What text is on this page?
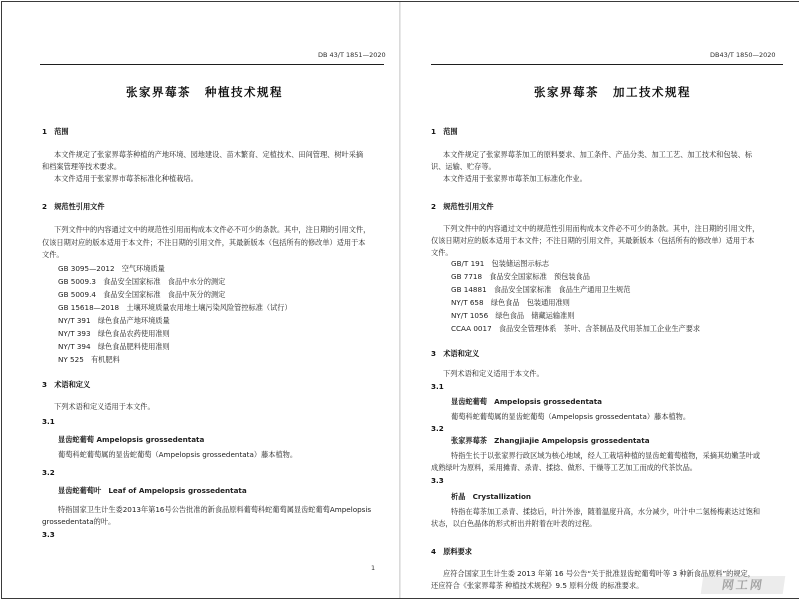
DB 43/T 1851—2020
张家界莓茶 种植技术规程
1　范围
本文件规定了张家界莓茶种植的产地环境、园地建设、苗木繁育、定植技术、田间管理、树叶采摘
和档案管理等技术要求。
本文件适用于张家界市莓茶标准化种植栽培。
2　规范性引用文件
下列文件中的内容通过文中的规范性引用而构成本文件必不可少的条款。其中，注日期的引用文件，
仅该日期对应的版本适用于本文件；不注日期的引用文件，其最新版本（包括所有的修改单）适用于本
文件。
GB 3095—2012　空气环境质量
GB 5009.3　食品安全国家标准　食品中水分的测定
GB 5009.4　食品安全国家标准　食品中灰分的测定
GB 15618—2018　土壤环境质量农用地土壤污染风险管控标准（试行）
NY/T 391　绿色食品产地环境质量
NY/T 393　绿色食品农药使用准则
NY/T 394　绿色食品肥料使用准则
NY 525　有机肥料
3　术语和定义
下列术语和定义适用于本文件。
3.1
显齿蛇葡萄 Ampelopsis grossedentata
葡萄科蛇葡萄属的显齿蛇葡萄（Ampelopsis grossedentata）藤本植物。
3.2
显齿蛇葡萄叶　Leaf of Ampelopsis grossedentata
特指国家卫生计生委2013年第16号公告批准的新食品原料葡萄科蛇葡萄属显齿蛇葡萄Ampelopsis
grossedentata的叶。
3.3
1
DB43/T 1850—2020
张家界莓茶 加工技术规程
1　范围
本文件规定了张家界莓茶加工的原料要求、加工条件、产品分类、加工工艺、加工技术和包装、标
识、运输、贮存等。
本文件适用于张家界市莓茶加工标准化作业。
2　规范性引用文件
下列文件中的内容通过文中的规范性引用而构成本文件必不可少的条款。其中，注日期的引用文件，
仅该日期对应的版本适用于本文件；不注日期的引用文件，其最新版本（包括所有的修改单）适用于本
文件。
GB/T 191　包装储运图示标志
GB 7718　食品安全国家标准　预包装食品
GB 14881　食品安全国家标准　食品生产通用卫生规范
NY/T 658　绿色食品　包装通用准则
NY/T 1056　绿色食品　储藏运输准则
CCAA 0017　食品安全管理体系　茶叶、含茶制品及代用茶加工企业生产要求
3　术语和定义
下列术语和定义适用于本文件。
3.1
显齿蛇葡萄　Ampelopsis grossedentata
葡萄科蛇葡萄属的显齿蛇葡萄（Ampelopsis grossedentata）藤本植物。
3.2
张家界莓茶　Zhangjiajie Ampelopsis grossedentata
特指生长于以张家界行政区域为核心地域，经人工栽培种植的显齿蛇葡萄植物，采摘其幼嫩茎叶或
成熟绿叶为原料，采用摊青、杀青、揉捻、做形、干燥等工艺加工而成的代茶饮品。
3.3
析晶　Crystallization
特指在莓茶加工杀青、揉捻后，叶汁外渗，随着温度升高，水分减少，叶汁中二氢杨梅素达过饱和
状态，以白色晶体的形式析出并附着在叶表的过程。
4　原料要求
应符合国家卫生计生委 2013 年第 16 号公告“关于批准显齿蛇葡萄叶等 3 种新食品原料”的规定，
还应符合《张家界莓茶 种植技术规程》9.5 原料分级 的标准要求。	网工网
